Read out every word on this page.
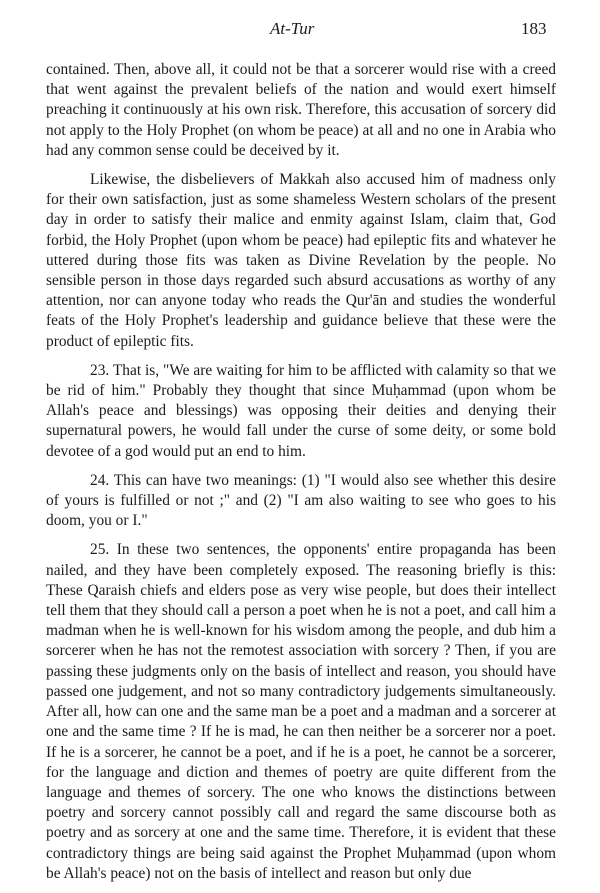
At-Tur	183

contained. Then, above all, it could not be that a sorcerer would rise with a creed that went against the prevalent beliefs of the nation and would exert himself preaching it continuously at his own risk. Therefore, this accusation of sorcery did not apply to the Holy Prophet (on whom be peace) at all and no one in Arabia who had any common sense could be deceived by it.

Likewise, the disbelievers of Makkah also accused him of madness only for their own satisfaction, just as some shameless Western scholars of the present day in order to satisfy their malice and enmity against Islam, claim that, God forbid, the Holy Prophet (upon whom be peace) had epileptic fits and whatever he uttered during those fits was taken as Divine Revelation by the people. No sensible person in those days regarded such absurd accusations as worthy of any attention, nor can anyone today who reads the Qur'ān and studies the wonderful feats of the Holy Prophet's leadership and guidance believe that these were the product of epileptic fits.

23. That is, "We are waiting for him to be afflicted with calamity so that we be rid of him." Probably they thought that since Muḥammad (upon whom be Allah's peace and blessings) was opposing their deities and denying their supernatural powers, he would fall under the curse of some deity, or some bold devotee of a god would put an end to him.

24. This can have two meanings: (1) "I would also see whether this desire of yours is fulfilled or not ;" and (2) "I am also waiting to see who goes to his doom, you or I."

25. In these two sentences, the opponents' entire propaganda has been nailed, and they have been completely exposed. The reasoning briefly is this: These Qaraish chiefs and elders pose as very wise people, but does their intellect tell them that they should call a person a poet when he is not a poet, and call him a madman when he is well-known for his wisdom among the people, and dub him a sorcerer when he has not the remotest association with sorcery ? Then, if you are passing these judgments only on the basis of intellect and reason, you should have passed one judgement, and not so many contradictory judgements simultaneously. After all, how can one and the same man be a poet and a madman and a sorcerer at one and the same time ? If he is mad, he can then neither be a sorcerer nor a poet. If he is a sorcerer, he cannot be a poet, and if he is a poet, he cannot be a sorcerer, for the language and diction and themes of poetry are quite different from the language and themes of sorcery. The one who knows the distinctions between poetry and sorcery cannot possibly call and regard the same discourse both as poetry and as sorcery at one and the same time. Therefore, it is evident that these contradictory things are being said against the Prophet Muḥammad (upon whom be Allah's peace) not on the basis of intellect and reason but only due
